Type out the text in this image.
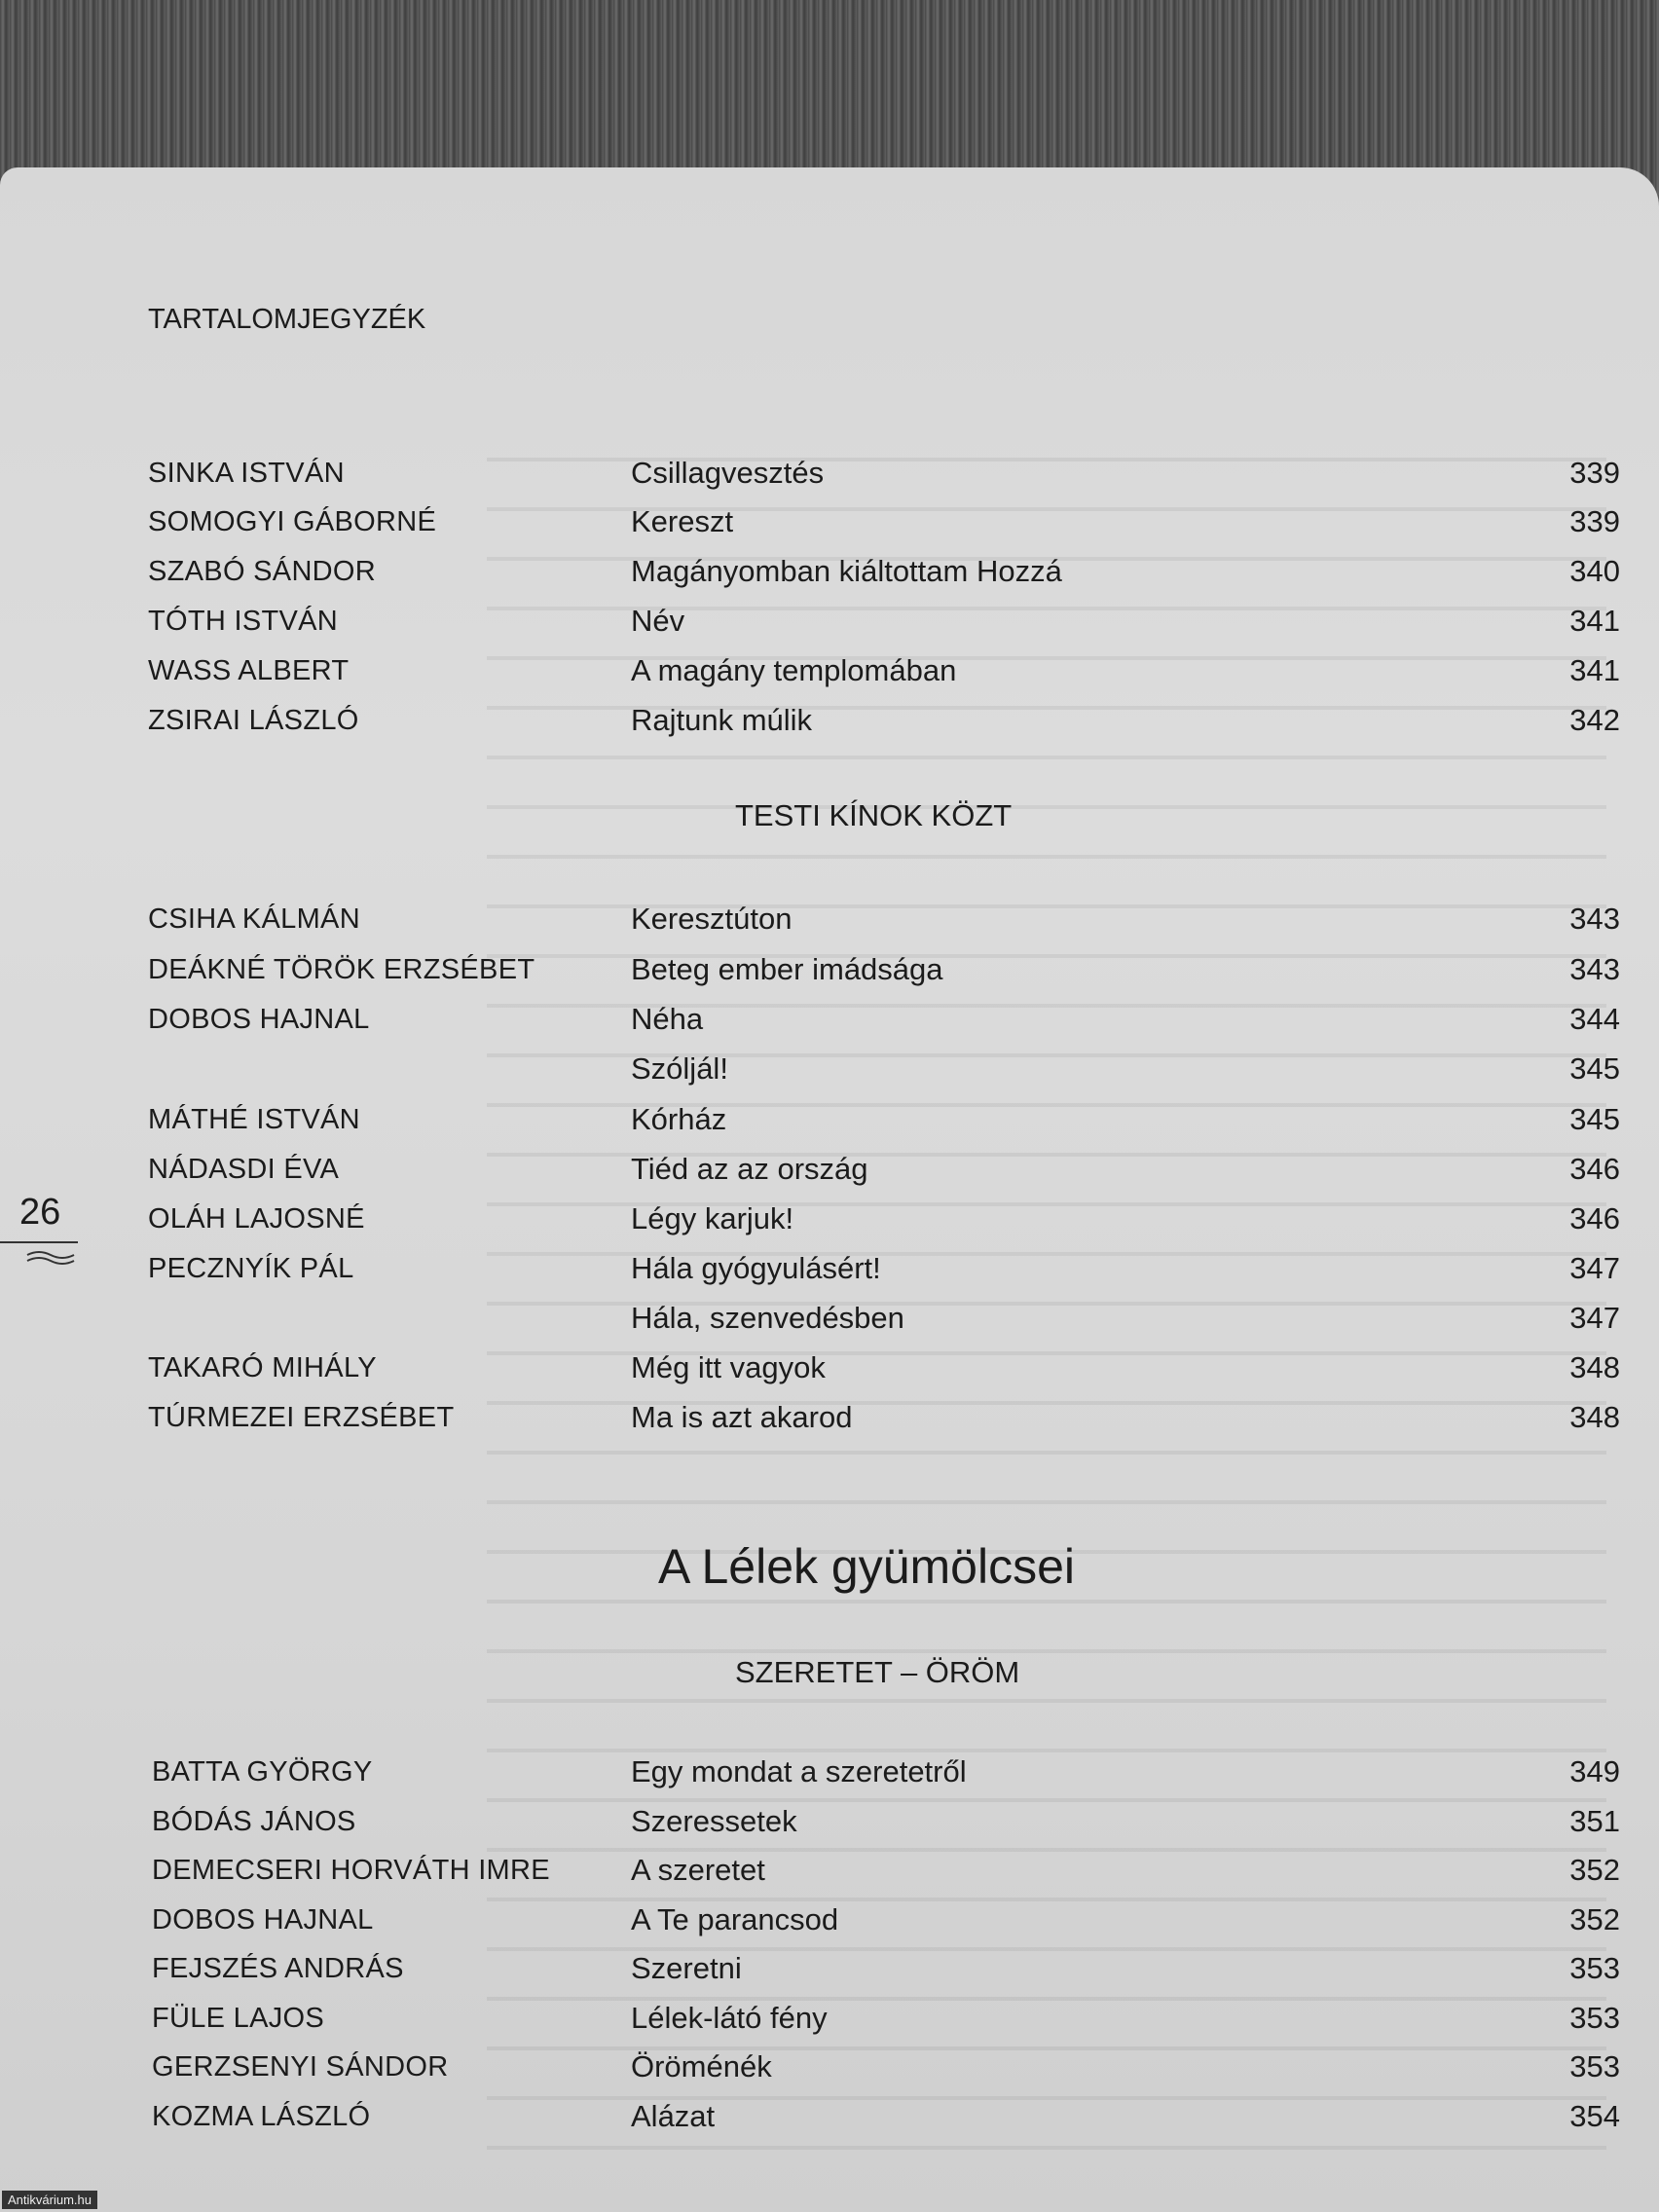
TARTALOMJEGYZÉK
26
SINKA ISTVÁN	Csillagvesztés	339
SOMOGYI GÁBORNÉ	Kereszt	339
SZABÓ SÁNDOR	Magányomban kiáltottam Hozzá	340
TÓTH ISTVÁN	Név	341
WASS ALBERT	A magány templomában	341
ZSIRAI LÁSZLÓ	Rajtunk múlik	342
TESTI KÍNOK KÖZT
CSIHA KÁLMÁN	Keresztúton	343
DEÁKNÉ TÖRÖK ERZSÉBET	Beteg ember imádsága	343
DOBOS HAJNAL	Néha	344
Szóljál!	345
MÁTHÉ ISTVÁN	Kórház	345
NÁDASDI ÉVA	Tiéd az az ország	346
OLÁH LAJOSNÉ	Légy karjuk!	346
PECZNYÍK PÁL	Hála gyógyulásért!	347
Hála, szenvedésben	347
TAKARÓ MIHÁLY	Még itt vagyok	348
TÚRMEZEI ERZSÉBET	Ma is azt akarod	348
A Lélek gyümölcsei
SZERETET – ÖRÖM
BATTA GYÖRGY	Egy mondat a szeretetről	349
BÓDÁS JÁNOS	Szeressetek	351
DEMECSERI HORVÁTH IMRE	A szeretet	352
DOBOS HAJNAL	A Te parancsod	352
FEJSZÉS ANDRÁS	Szeretni	353
FÜLE LAJOS	Lélek-látó fény	353
GERZSENYI SÁNDOR	Öröménék	353
KOZMA LÁSZLÓ	Alázat	354
Antikvárium.hu
